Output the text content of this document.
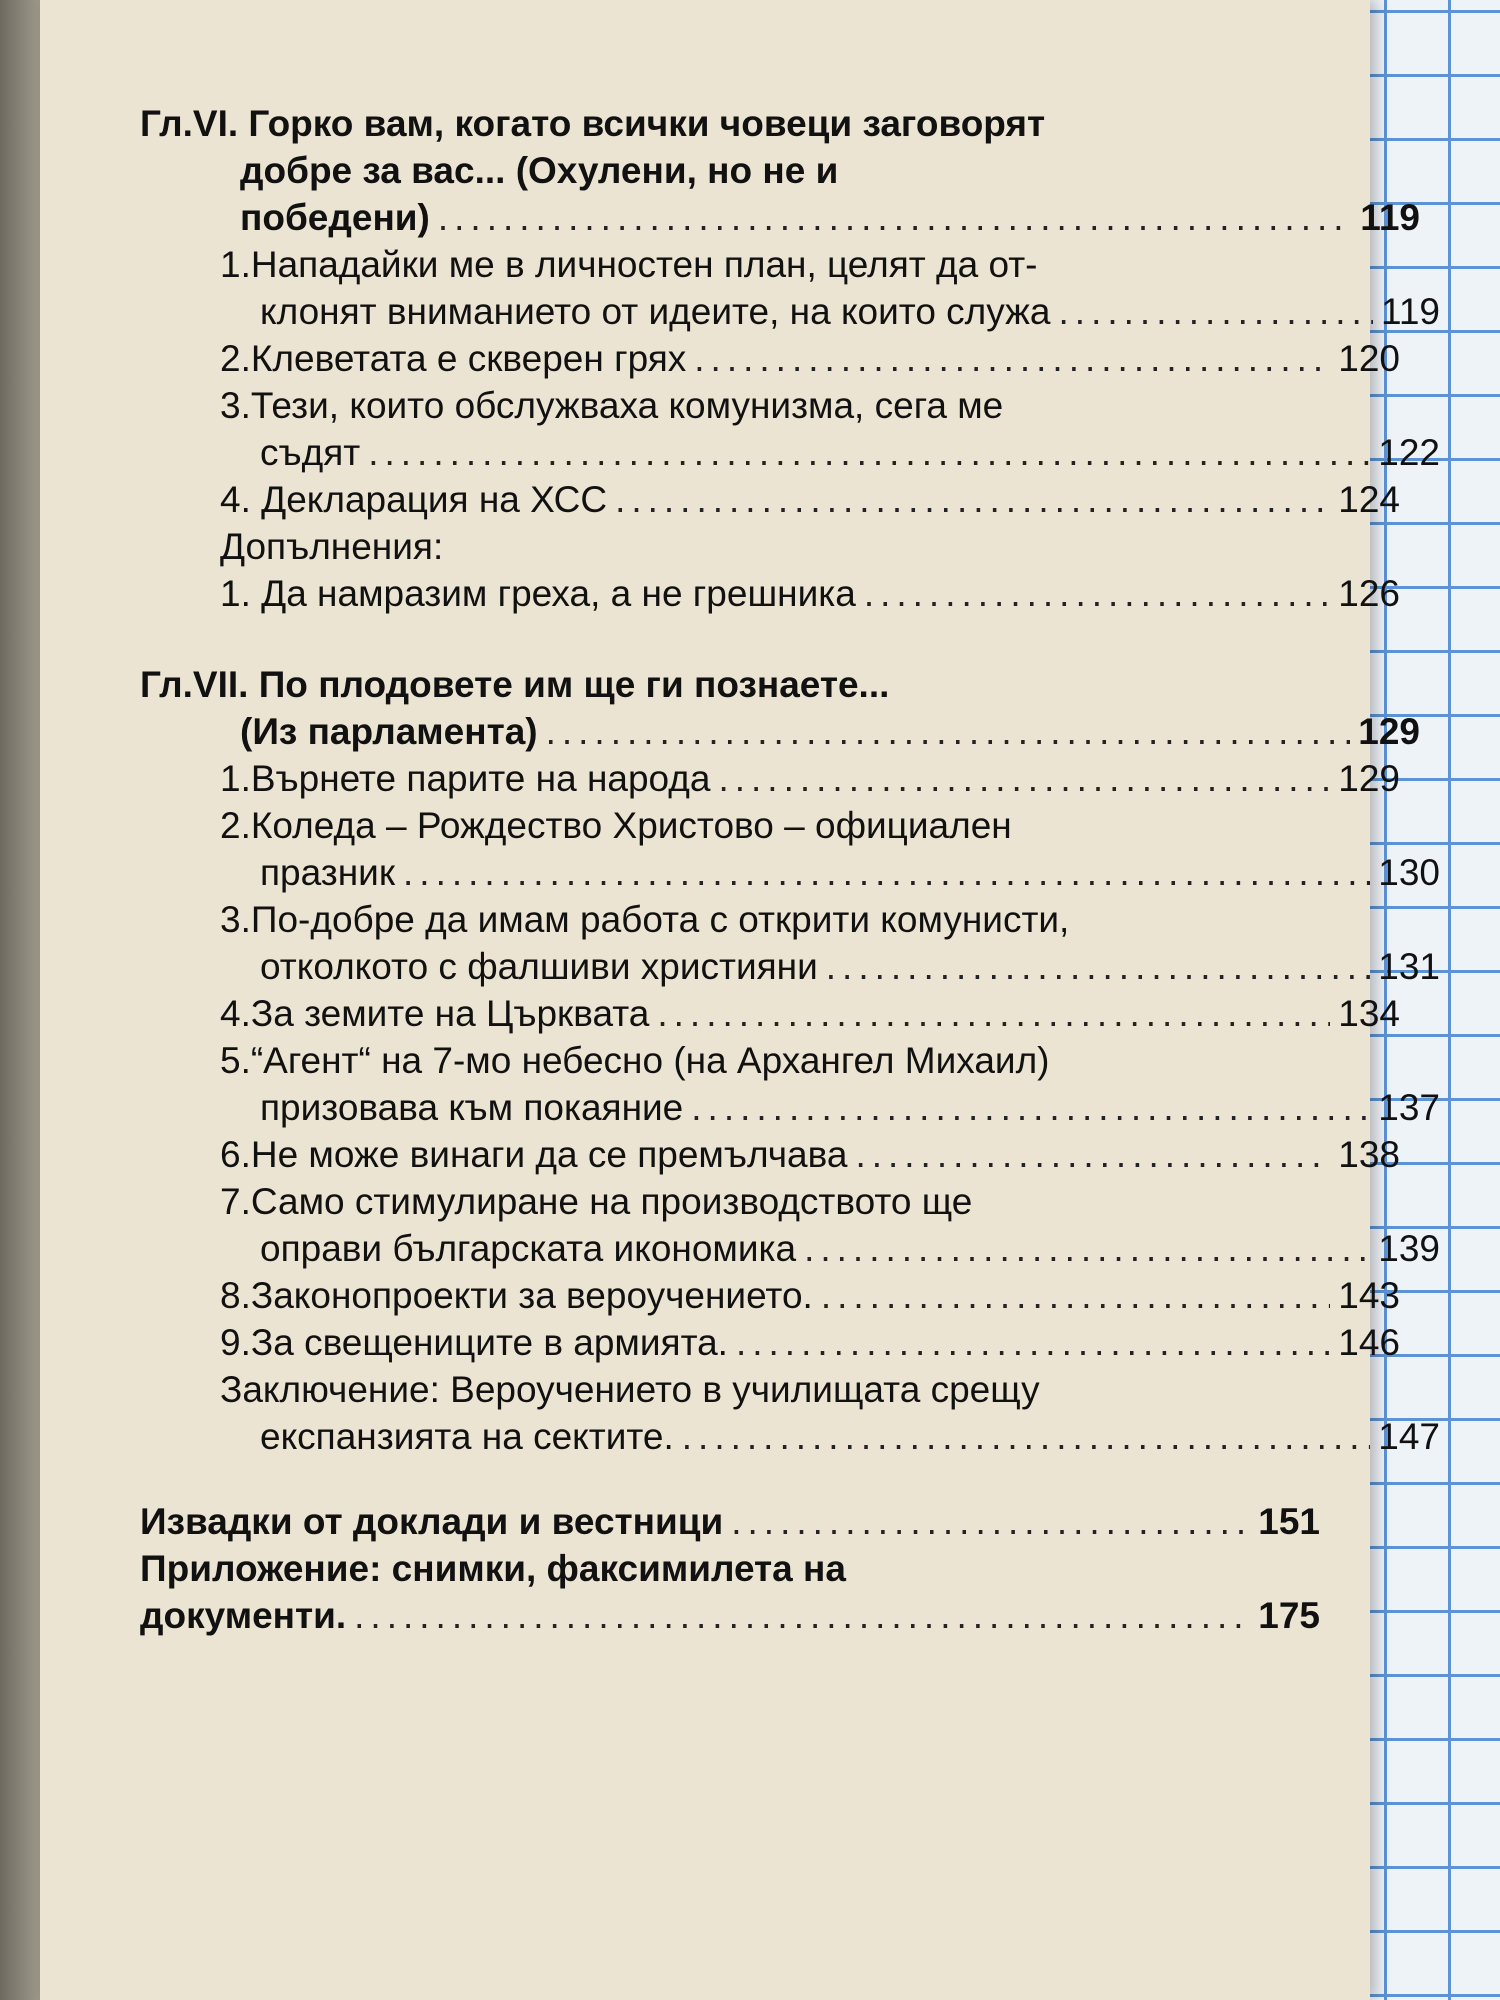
Гл.VI. Горко вам, когато всички човеци заговорят
добре за вас... (Охулени, но не и
победени) .....	119
1.Нападайки ме в личностен план, целят да от-
клонят вниманието от идеите, на които служа .....	119
2.Клеветата е скверен грях .....	120
3.Тези, които обслужваха комунизма, сега ме
съдят .....	122
4. Декларация на ХСС .....	124
Допълнения:
1. Да намразим греха, а не грешника .....	126
Гл.VII. По плодовете им ще ги познаете...
(Из парламента) .....	129
1.Върнете парите на народа .....	129
2.Коледа – Рождество Христово – официален
празник .....	130
3.По-добре да имам работа с открити комунисти,
отколкото с фалшиви християни .....	131
4.За земите на Църквата .....	134
5.“Агент“ на 7-мо небесно (на Архангел Михаил)
призовава към покаяние .....	137
6.Не може винаги да се премълчава .....	138
7.Само стимулиране на производството ще
оправи българската икономика .....	139
8.Законопроекти за вероучението. .....	143
9.За свещениците в армията. .....	146
Заключение: Вероучението в училищата срещу
експанзията на сектите. .....	147
Извадки от доклади и вестници .....	151
Приложение: снимки, факсимилета на
документи. .....	175
